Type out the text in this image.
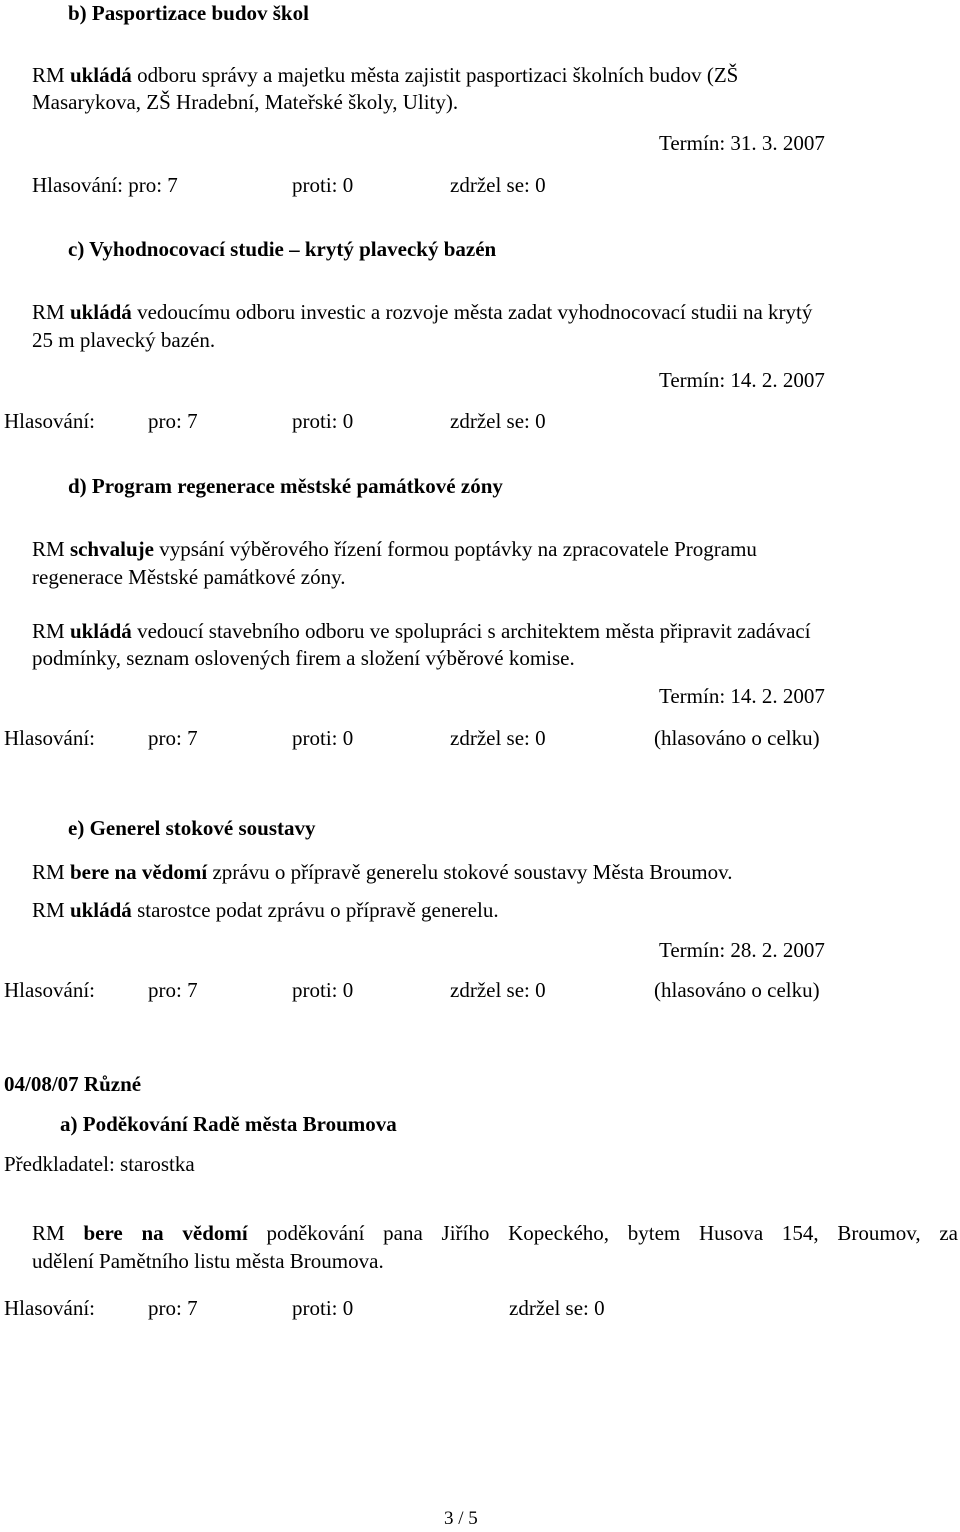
b) Pasportizace budov škol
RM ukládá odboru správy a majetku města zajistit pasportizaci školních budov (ZŠ
Masarykova, ZŠ Hradební, Mateřské školy, Ulity).
Termín: 31. 3. 2007
Hlasování: pro: 7	proti: 0	zdržel se: 0
c) Vyhodnocovací studie – krytý plavecký bazén
RM ukládá vedoucímu odboru investic a rozvoje města zadat vyhodnocovací studii na krytý
25 m plavecký bazén.
Termín: 14. 2. 2007
Hlasování:	pro: 7	proti: 0	zdržel se: 0
d) Program regenerace městské památkové zóny
RM schvaluje vypsání výběrového řízení formou poptávky na zpracovatele Programu
regenerace Městské památkové zóny.
RM ukládá vedoucí stavebního odboru ve spolupráci s architektem města připravit zadávací
podmínky, seznam oslovených firem a složení výběrové komise.
Termín: 14. 2. 2007
Hlasování:	pro: 7	proti: 0	zdržel se: 0	(hlasováno o celku)
e) Generel stokové soustavy
RM bere na vědomí zprávu o přípravě generelu stokové soustavy Města Broumov.
RM ukládá starostce podat zprávu o přípravě generelu.
Termín: 28. 2. 2007
Hlasování:	pro: 7	proti: 0	zdržel se: 0	(hlasováno o celku)
04/08/07 Různé
a) Poděkování Radě města Broumova
Předkladatel: starostka
RM bere na vědomí poděkování pana Jiřího Kopeckého, bytem Husova 154, Broumov, za
udělení Pamětního listu města Broumova.
Hlasování:	pro: 7	proti: 0	zdržel se: 0
3 / 5
